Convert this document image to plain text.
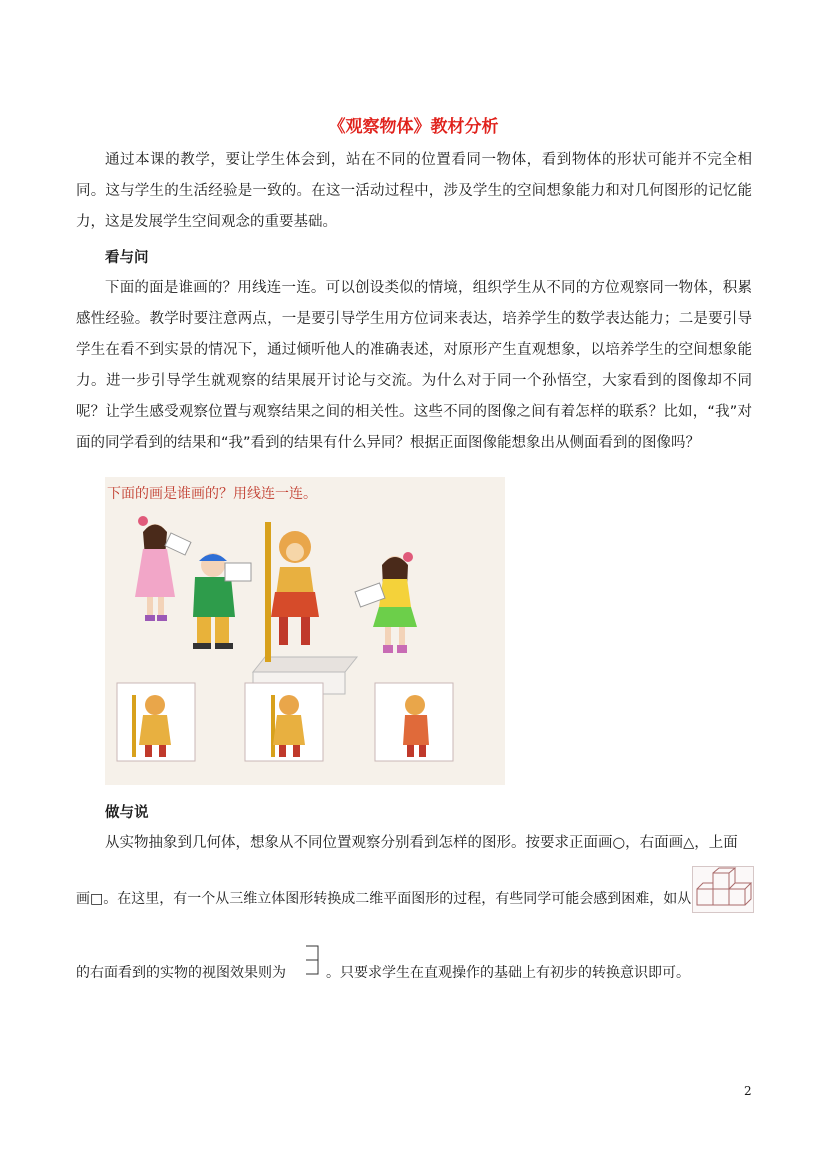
《观察物体》教材分析

通过本课的教学，要让学生体会到，站在不同的位置看同一物体，看到物体的形状可能并不完全相同。这与学生的生活经验是一致的。在这一活动过程中，涉及学生的空间想象能力和对几何图形的记忆能力，这是发展学生空间观念的重要基础。

看与问

下面的面是谁画的？用线连一连。可以创设类似的情境，组织学生从不同的方位观察同一物体，积累感性经验。教学时要注意两点，一是要引导学生用方位词来表达，培养学生的数学表达能力；二是要引导学生在看不到实景的情况下，通过倾听他人的准确表述，对原形产生直观想象，以培养学生的空间想象能力。进一步引导学生就观察的结果展开讨论与交流。为什么对于同一个孙悟空，大家看到的图像却不同呢？让学生感受观察位置与观察结果之间的相关性。这些不同的图像之间有着怎样的联系？比如，“我”对面的同学看到的结果和“我”看到的结果有什么异同？根据正面图像能想象出从侧面看到的图像吗？

下面的画是谁画的？用线连一连。
做与说

从实物抽象到几何体，想象从不同位置观察分别看到怎样的图形。按要求正面画○，右面画△，上面

画□。在这里，有一个从三维立体图形转换成二维平面图形的过程，有些同学可能会感到困难，如从
的右面看到的实物的视图效果则为	。只要求学生在直观操作的基础上有初步的转换意识即可。
2
